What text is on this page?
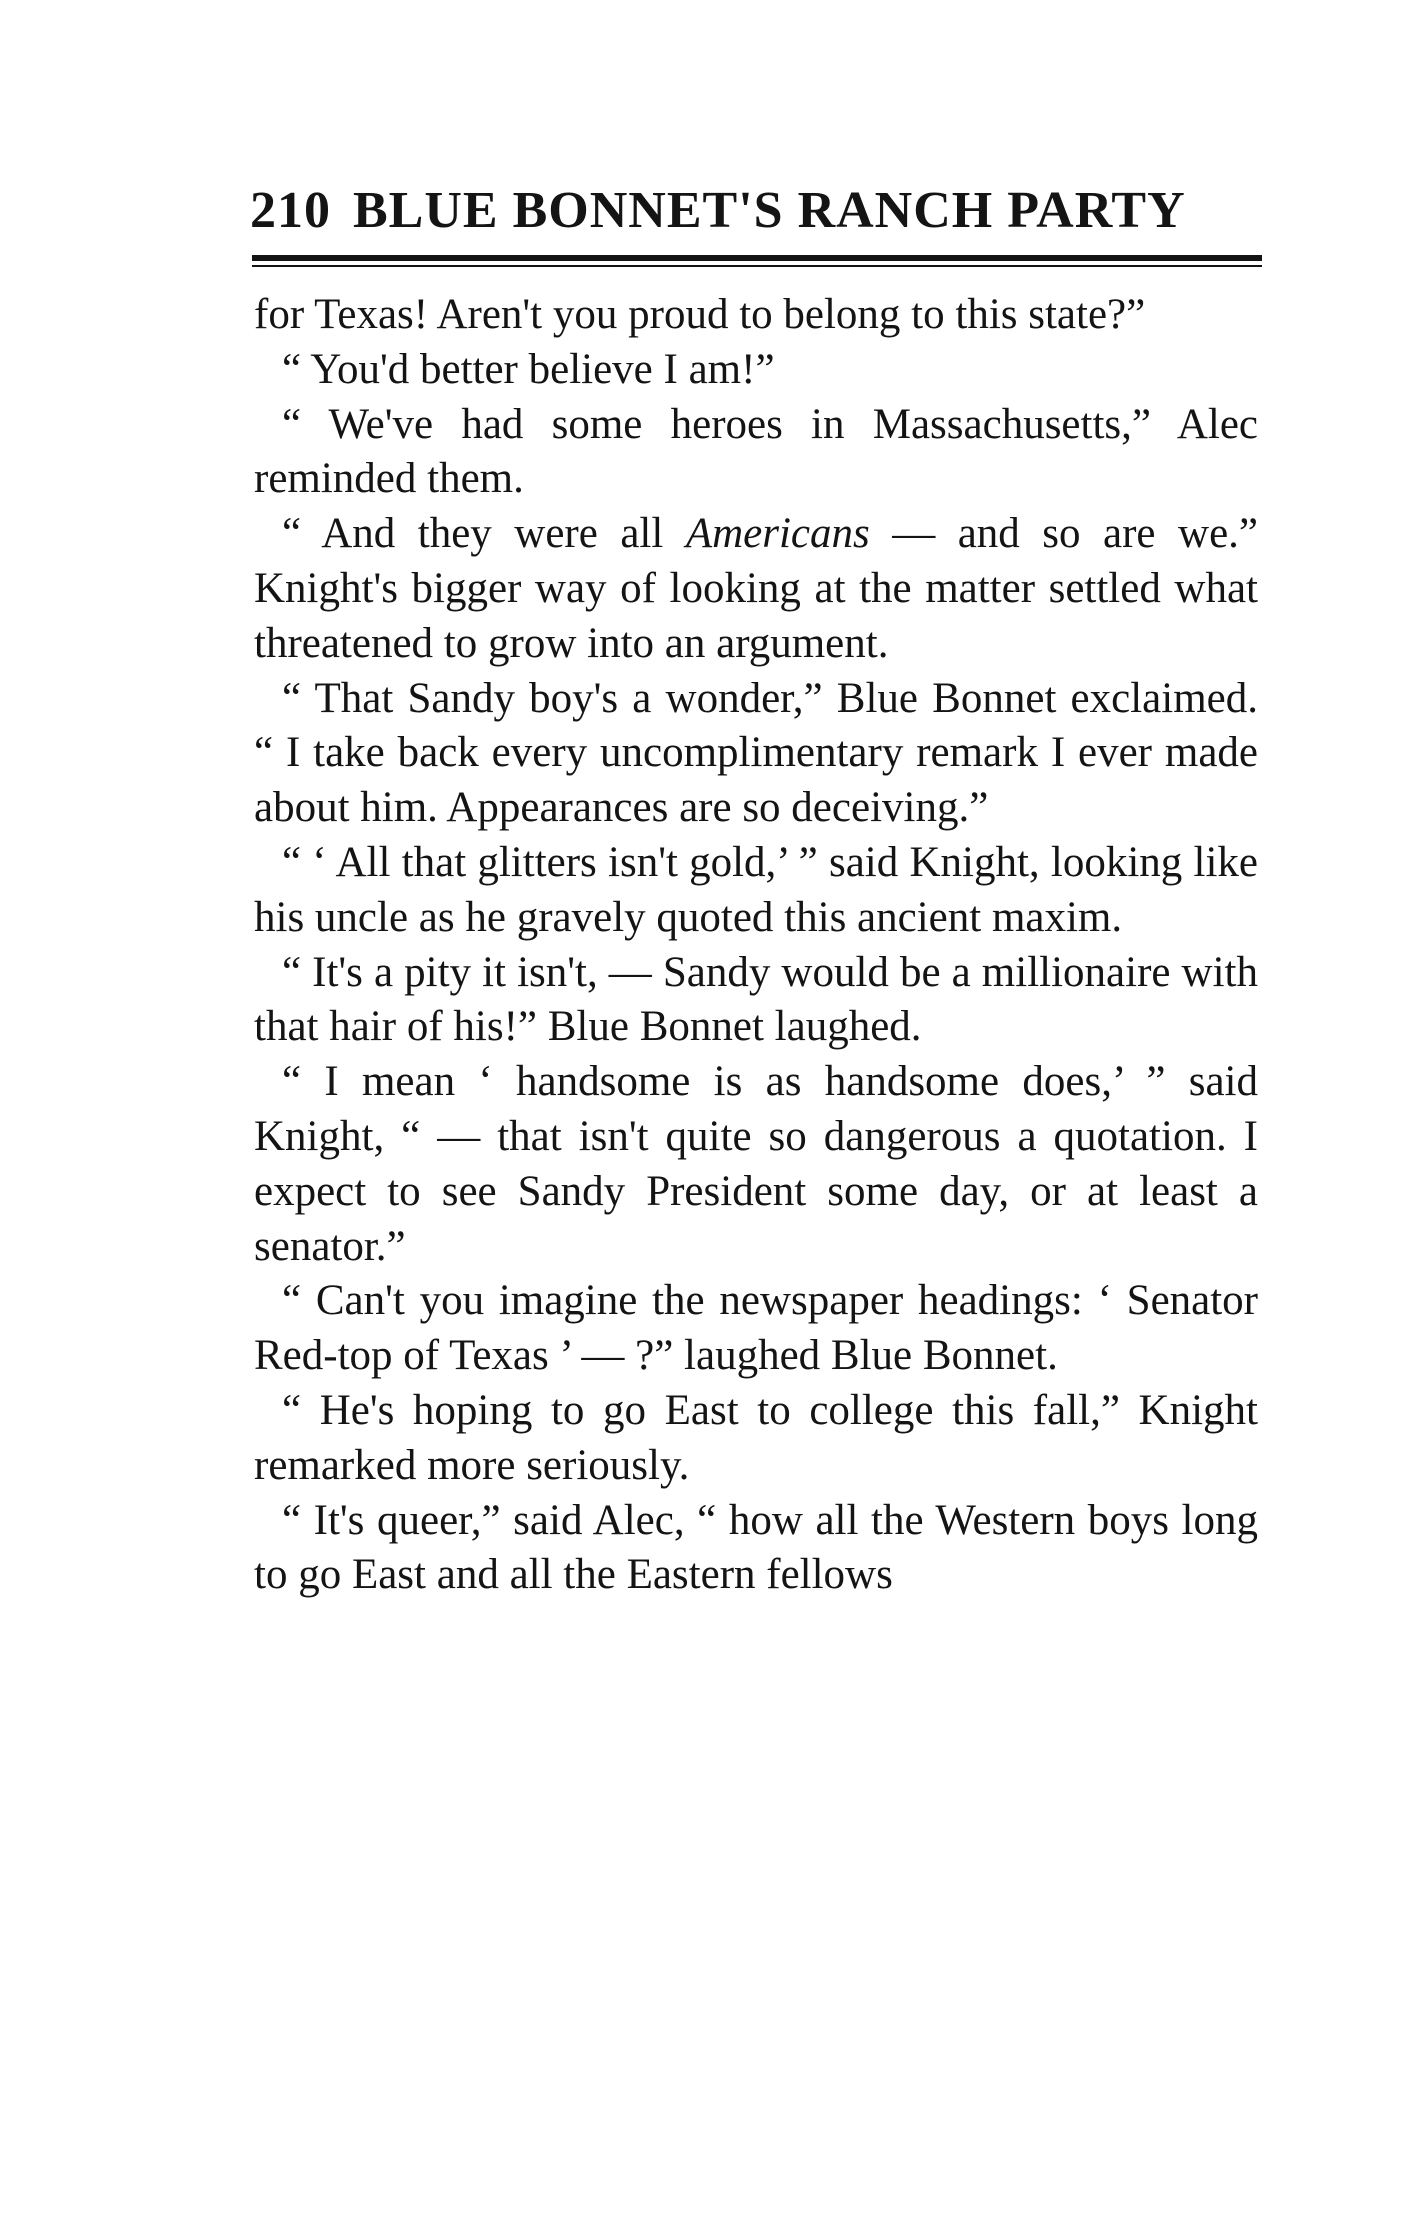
210 BLUE BONNET'S RANCH PARTY

for Texas! Aren't you proud to belong to this state?”

“ You'd better believe I am!”

“ We've had some heroes in Massachusetts,” Alec reminded them.

“ And they were all Americans — and so are we.” Knight's bigger way of looking at the matter settled what threatened to grow into an argument.

“ That Sandy boy's a wonder,” Blue Bonnet exclaimed. “ I take back every uncomplimentary remark I ever made about him. Appearances are so deceiving.”

“ ‘ All that glitters isn't gold,’ ” said Knight, looking like his uncle as he gravely quoted this ancient maxim.

“ It's a pity it isn't, — Sandy would be a millionaire with that hair of his!” Blue Bonnet laughed.

“ I mean ‘ handsome is as handsome does,’ ” said Knight, “ — that isn't quite so dangerous a quotation. I expect to see Sandy President some day, or at least a senator.”

“ Can't you imagine the newspaper headings: ‘ Senator Red-top of Texas ’ — ?” laughed Blue Bonnet.

“ He's hoping to go East to college this fall,” Knight remarked more seriously.

“ It's queer,” said Alec, “ how all the Western boys long to go East and all the Eastern fellows
